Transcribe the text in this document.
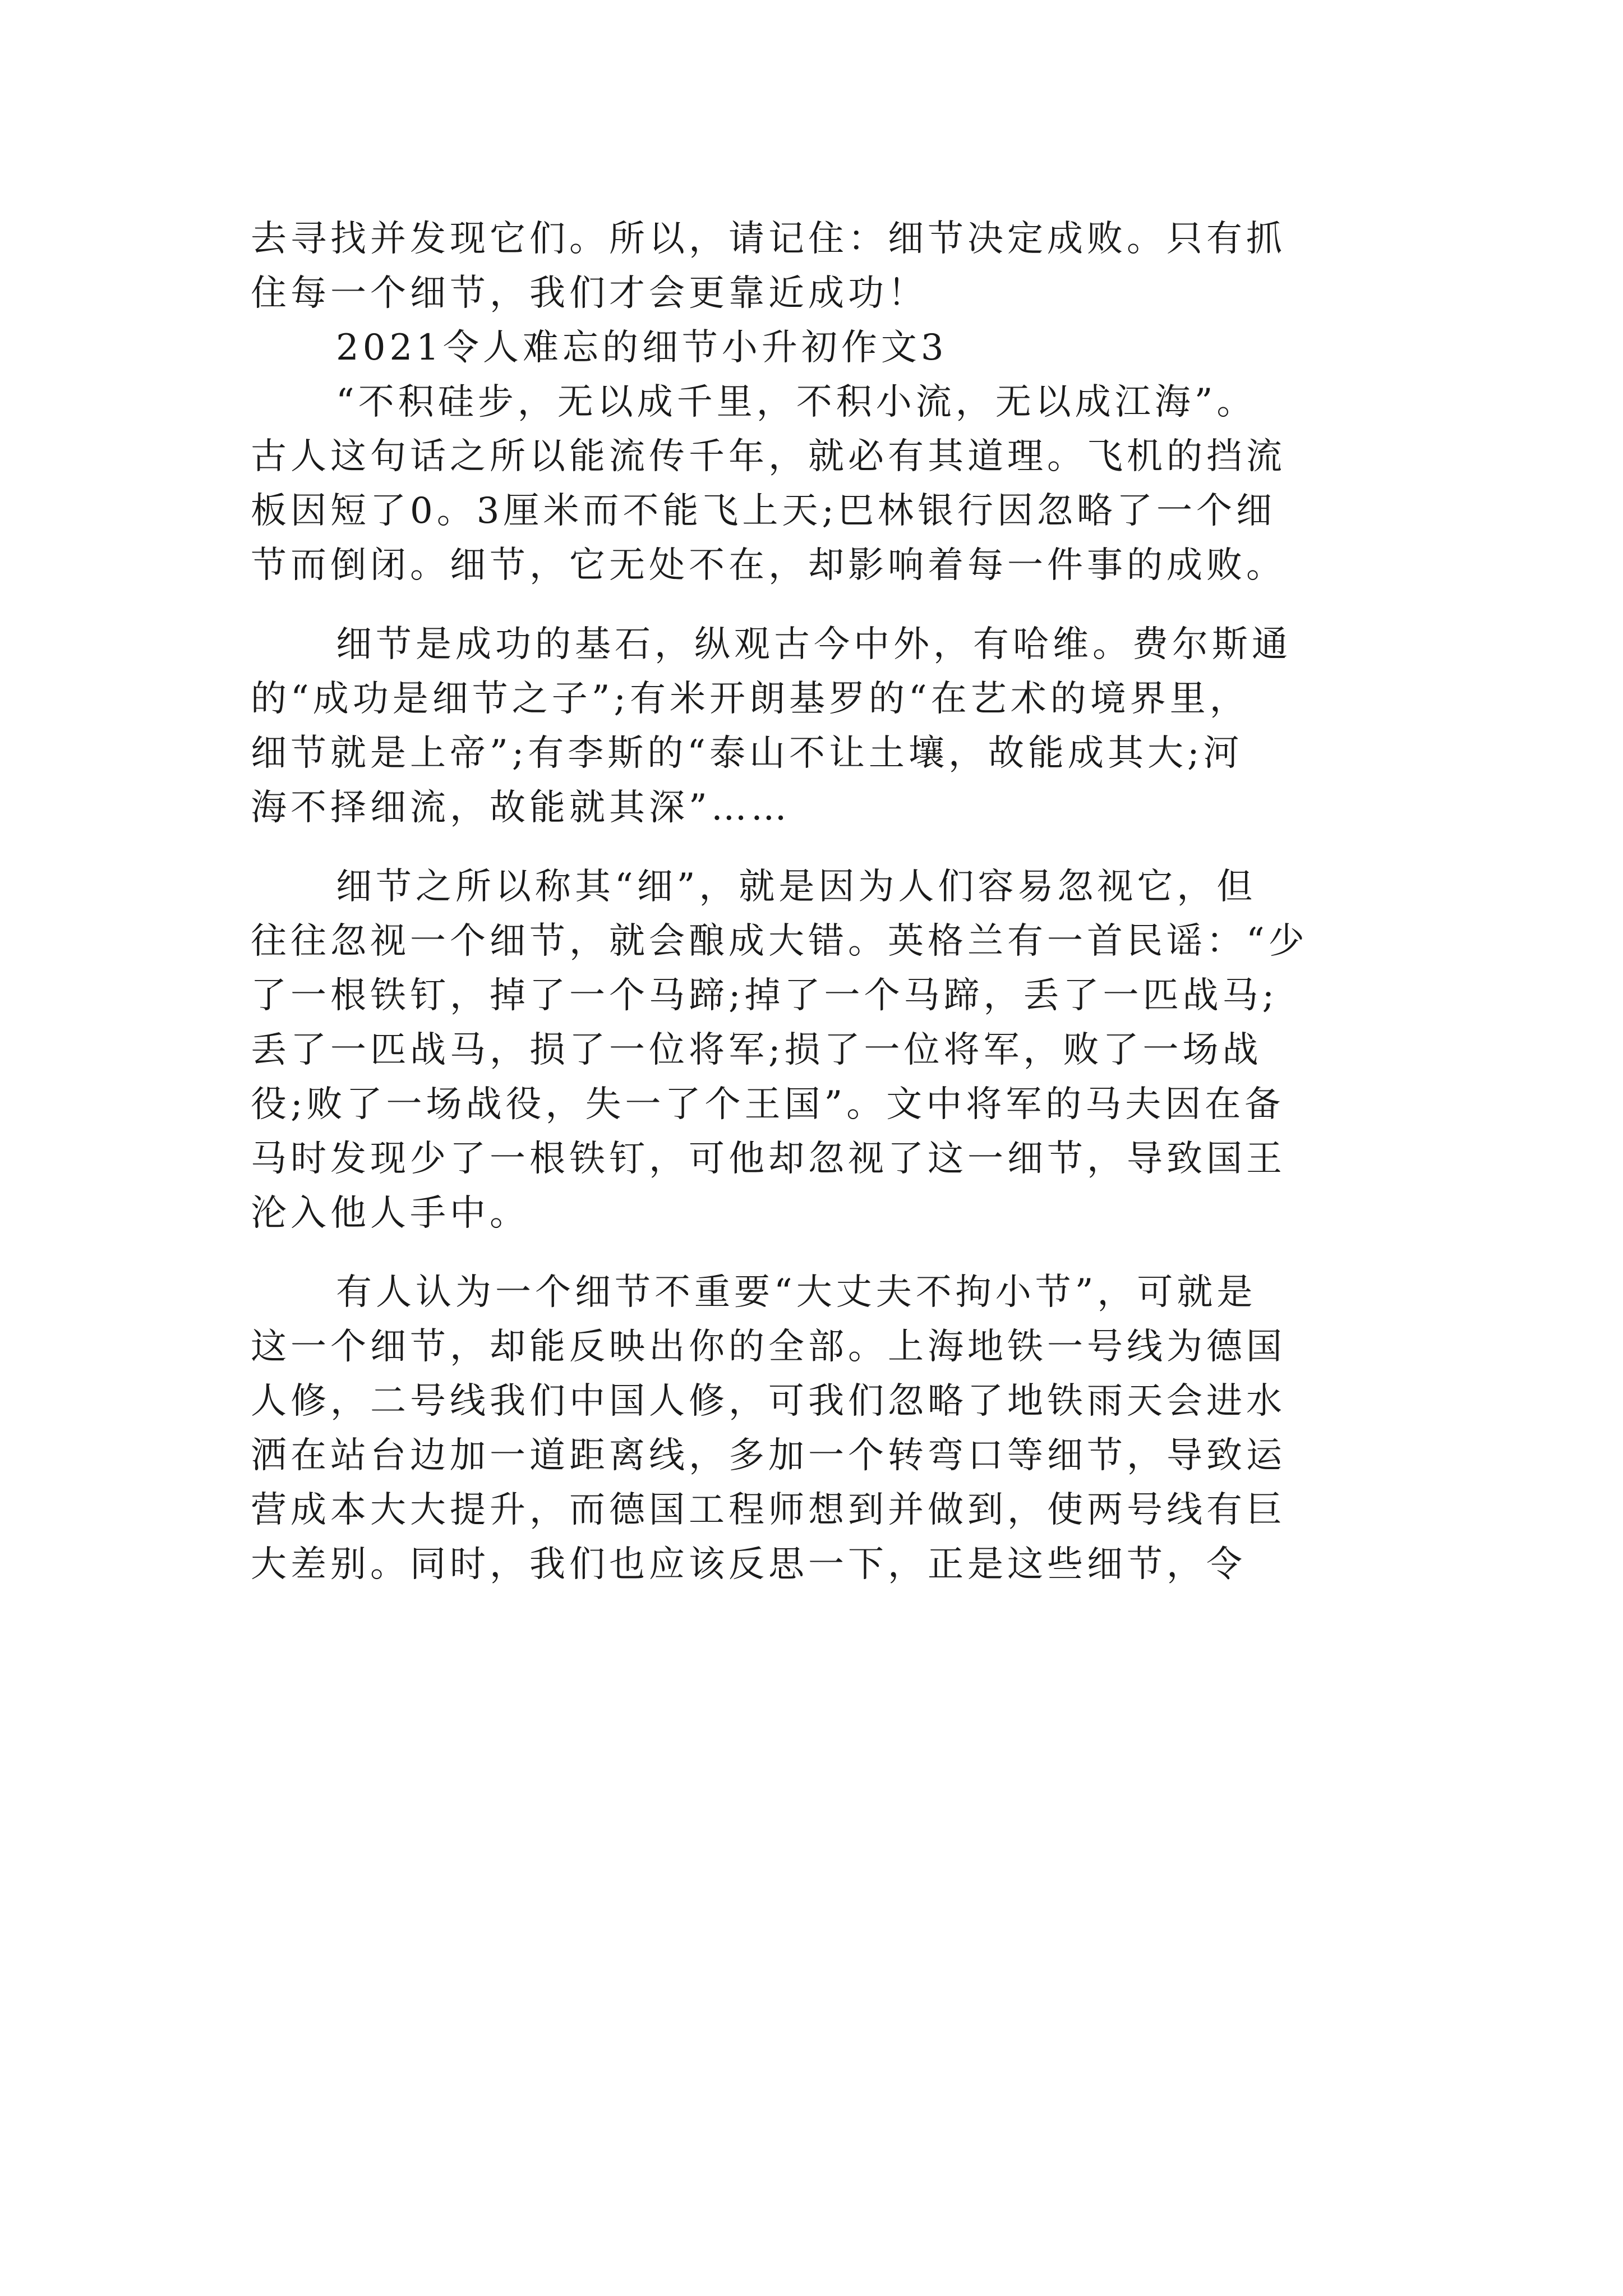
去寻找并发现它们。所以，请记住：细节决定成败。只有抓
住每一个细节，我们才会更靠近成功！
2021令人难忘的细节小升初作文3
“不积硅步，无以成千里，不积小流，无以成江海”。
古人这句话之所以能流传千年，就必有其道理。飞机的挡流
板因短了0。3厘米而不能飞上天;巴林银行因忽略了一个细
节而倒闭。细节，它无处不在，却影响着每一件事的成败。
细节是成功的基石，纵观古今中外，有哈维。费尔斯通
的“成功是细节之子”;有米开朗基罗的“在艺术的境界里，
细节就是上帝”;有李斯的“泰山不让土壤，故能成其大;河
海不择细流，故能就其深”……
细节之所以称其“细”，就是因为人们容易忽视它，但
往往忽视一个细节，就会酿成大错。英格兰有一首民谣：“少
了一根铁钉，掉了一个马蹄;掉了一个马蹄，丢了一匹战马;
丢了一匹战马，损了一位将军;损了一位将军，败了一场战
役;败了一场战役，失一了个王国”。文中将军的马夫因在备
马时发现少了一根铁钉，可他却忽视了这一细节，导致国王
沦入他人手中。
有人认为一个细节不重要“大丈夫不拘小节”，可就是
这一个细节，却能反映出你的全部。上海地铁一号线为德国
人修，二号线我们中国人修，可我们忽略了地铁雨天会进水
洒在站台边加一道距离线，多加一个转弯口等细节，导致运
营成本大大提升，而德国工程师想到并做到，使两号线有巨
大差别。同时，我们也应该反思一下，正是这些细节，令
